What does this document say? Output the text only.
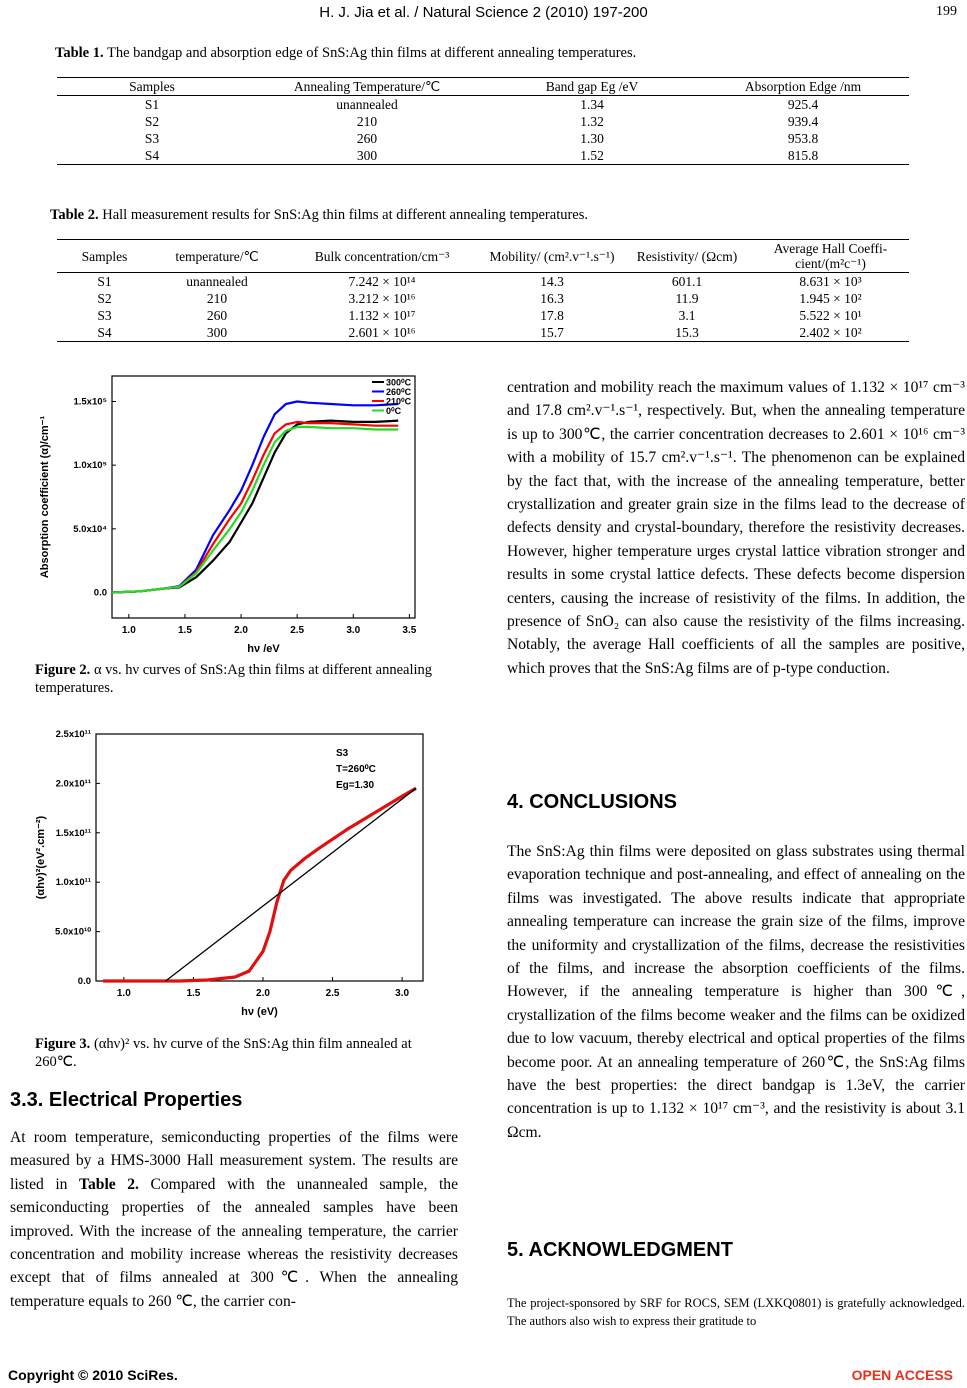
H. J. Jia et al. / Natural Science 2 (2010) 197-200	199
Table 1. The bandgap and absorption edge of SnS:Ag thin films at different annealing temperatures.
Samples	Annealing Temperature/℃	Band gap Eg /eV	Absorption Edge /nm
S1	unannealed	1.34	925.4
S2	210	1.32	939.4
S3	260	1.30	953.8
S4	300	1.52	815.8
Table 2. Hall measurement results for SnS:Ag thin films at different annealing temperatures.
Samples	temperature/℃	Bulk concentration/cm⁻³	Mobility/ (cm².v⁻¹.s⁻¹)	Resistivity/ (Ωcm)	Average Hall Coeffi- cient/(m²c⁻¹)
S1	unannealed	7.242 × 10¹⁴	14.3	601.1	8.631 × 10³
S2	210	3.212 × 10¹⁶	16.3	11.9	1.945 × 10²
S3	260	1.132 × 10¹⁷	17.8	3.1	5.522 × 10¹
S4	300	2.601 × 10¹⁶	15.7	15.3	2.402 × 10²
1.0	1.5	2.0	2.5	3.0	3.5
0.0
5.0x10⁴
1.0x10⁵
1.5x10⁵
hν /eV
Absorption coefficient (α)/cm⁻¹
300⁰C
260⁰C
210⁰C
0⁰C
Figure 2. α vs. hν curves of SnS:Ag thin films at different annealing temperatures.
1.0	1.5	2.0	2.5	3.0
0.0
5.0x10¹⁰
1.0x10¹¹
1.5x10¹¹
2.0x10¹¹
2.5x10¹¹
hν (eV)
(αhν)²(eV².cm⁻²)
S3
T=260⁰C
Eg=1.30
Figure 3. (αhν)² vs. hν curve of the SnS:Ag thin film annealed at 260℃.
3.3. Electrical Properties

At room temperature, semiconducting properties of the films were measured by a HMS-3000 Hall measurement system. The results are listed in Table 2. Compared with the unannealed sample, the semiconducting properties of the annealed samples have been improved. With the increase of the annealing temperature, the carrier concentration and mobility increase whereas the resistivity decreases except that of films annealed at 300℃. When the annealing temperature equals to 260 ℃, the carrier con-

centration and mobility reach the maximum values of 1.132 × 10¹⁷ cm⁻³ and 17.8 cm².v⁻¹.s⁻¹, respectively. But, when the annealing temperature is up to 300℃, the carrier concentration decreases to 2.601 × 10¹⁶ cm⁻³ with a mobility of 15.7 cm².v⁻¹.s⁻¹. The phenomenon can be explained by the fact that, with the increase of the annealing temperature, better crystallization and greater grain size in the films lead to the decrease of defects density and crystal-boundary, therefore the resistivity decreases. However, higher temperature urges crystal lattice vibration stronger and results in some crystal lattice defects. These defects become dispersion centers, causing the increase of resistivity of the films. In addition, the presence of SnO₂ can also cause the resistivity of the films increasing. Notably, the average Hall coefficients of all the samples are positive, which proves that the SnS:Ag films are of p-type conduction.

4. CONCLUSIONS

The SnS:Ag thin films were deposited on glass substrates using thermal evaporation technique and post-annealing, and effect of annealing on the films was investigated. The above results indicate that appropriate annealing temperature can increase the grain size of the films, improve the uniformity and crystallization of the films, decrease the resistivities of the films, and increase the absorption coefficients of the films. However, if the annealing temperature is higher than 300℃, crystallization of the films become weaker and the films can be oxidized due to low vacuum, thereby electrical and optical properties of the films become poor. At an annealing temperature of 260℃, the SnS:Ag films have the best properties: the direct bandgap is 1.3eV, the carrier concentration is up to 1.132 × 10¹⁷ cm⁻³, and the resistivity is about 3.1 Ωcm.

5. ACKNOWLEDGMENT
The project-sponsored by SRF for ROCS, SEM (LXKQ0801) is gratefully acknowledged. The authors also wish to express their gratitude to
Copyright © 2010 SciRes.	OPEN ACCESS
